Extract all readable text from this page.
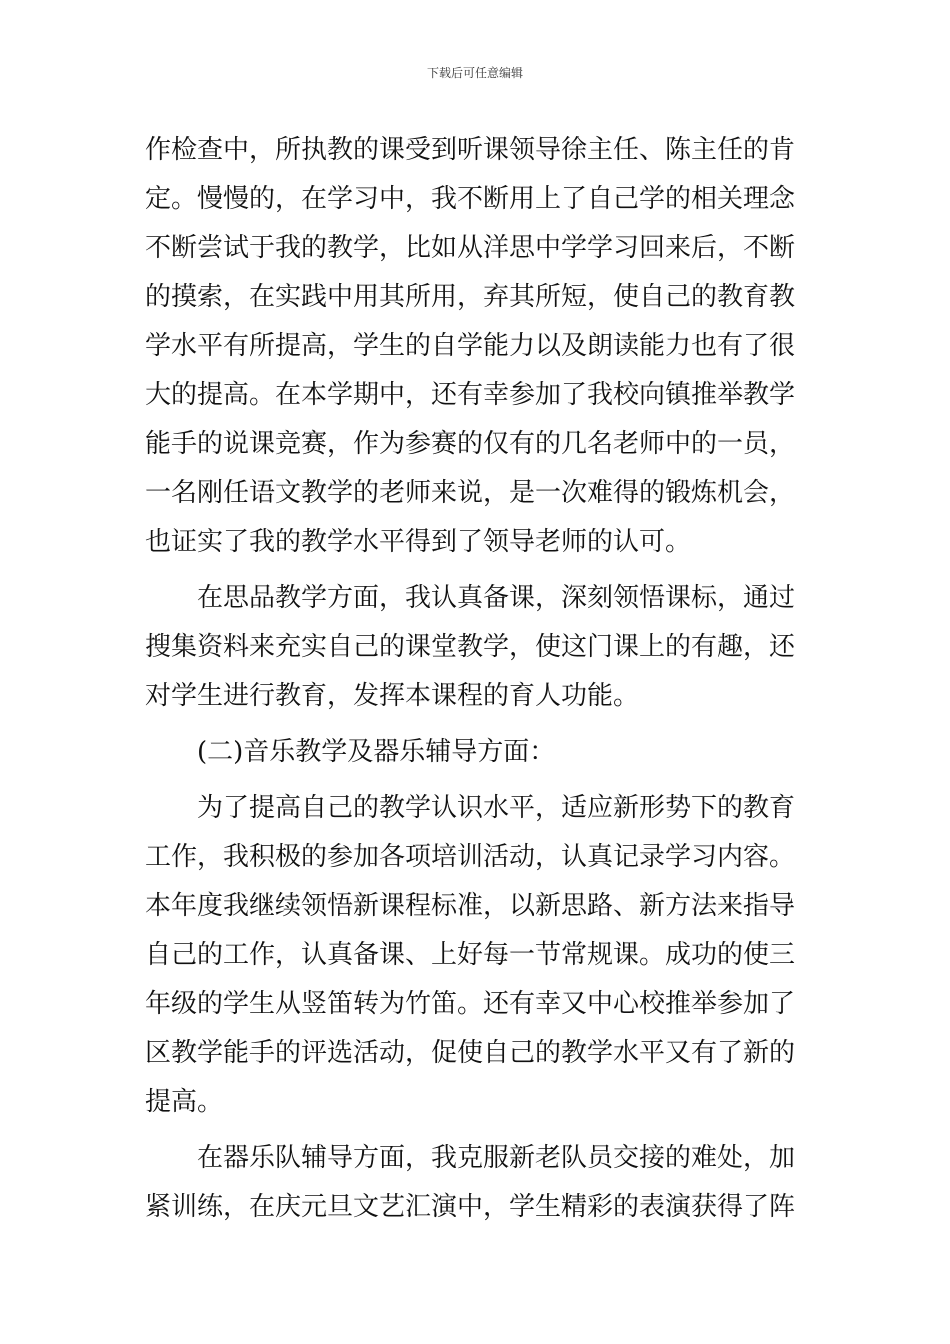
下载后可任意编辑
作检查中，所执教的课受到听课领导徐主任、陈主任的肯
定。慢慢的，在学习中，我不断用上了自己学的相关理念
不断尝试于我的教学，比如从洋思中学学习回来后，不断
的摸索，在实践中用其所用，弃其所短，使自己的教育教
学水平有所提高，学生的自学能力以及朗读能力也有了很
大的提高。在本学期中，还有幸参加了我校向镇推举教学
能手的说课竞赛，作为参赛的仅有的几名老师中的一员，
一名刚任语文教学的老师来说，是一次难得的锻炼机会，
也证实了我的教学水平得到了领导老师的认可。
在思品教学方面，我认真备课，深刻领悟课标，通过
搜集资料来充实自己的课堂教学，使这门课上的有趣，还
对学生进行教育，发挥本课程的育人功能。
(二)音乐教学及器乐辅导方面：
为了提高自己的教学认识水平，适应新形势下的教育
工作，我积极的参加各项培训活动，认真记录学习内容。
本年度我继续领悟新课程标准，以新思路、新方法来指导
自己的工作，认真备课、上好每一节常规课。成功的使三
年级的学生从竖笛转为竹笛。还有幸又中心校推举参加了
区教学能手的评选活动，促使自己的教学水平又有了新的
提高。
在器乐队辅导方面，我克服新老队员交接的难处，加
紧训练，在庆元旦文艺汇演中，学生精彩的表演获得了阵
